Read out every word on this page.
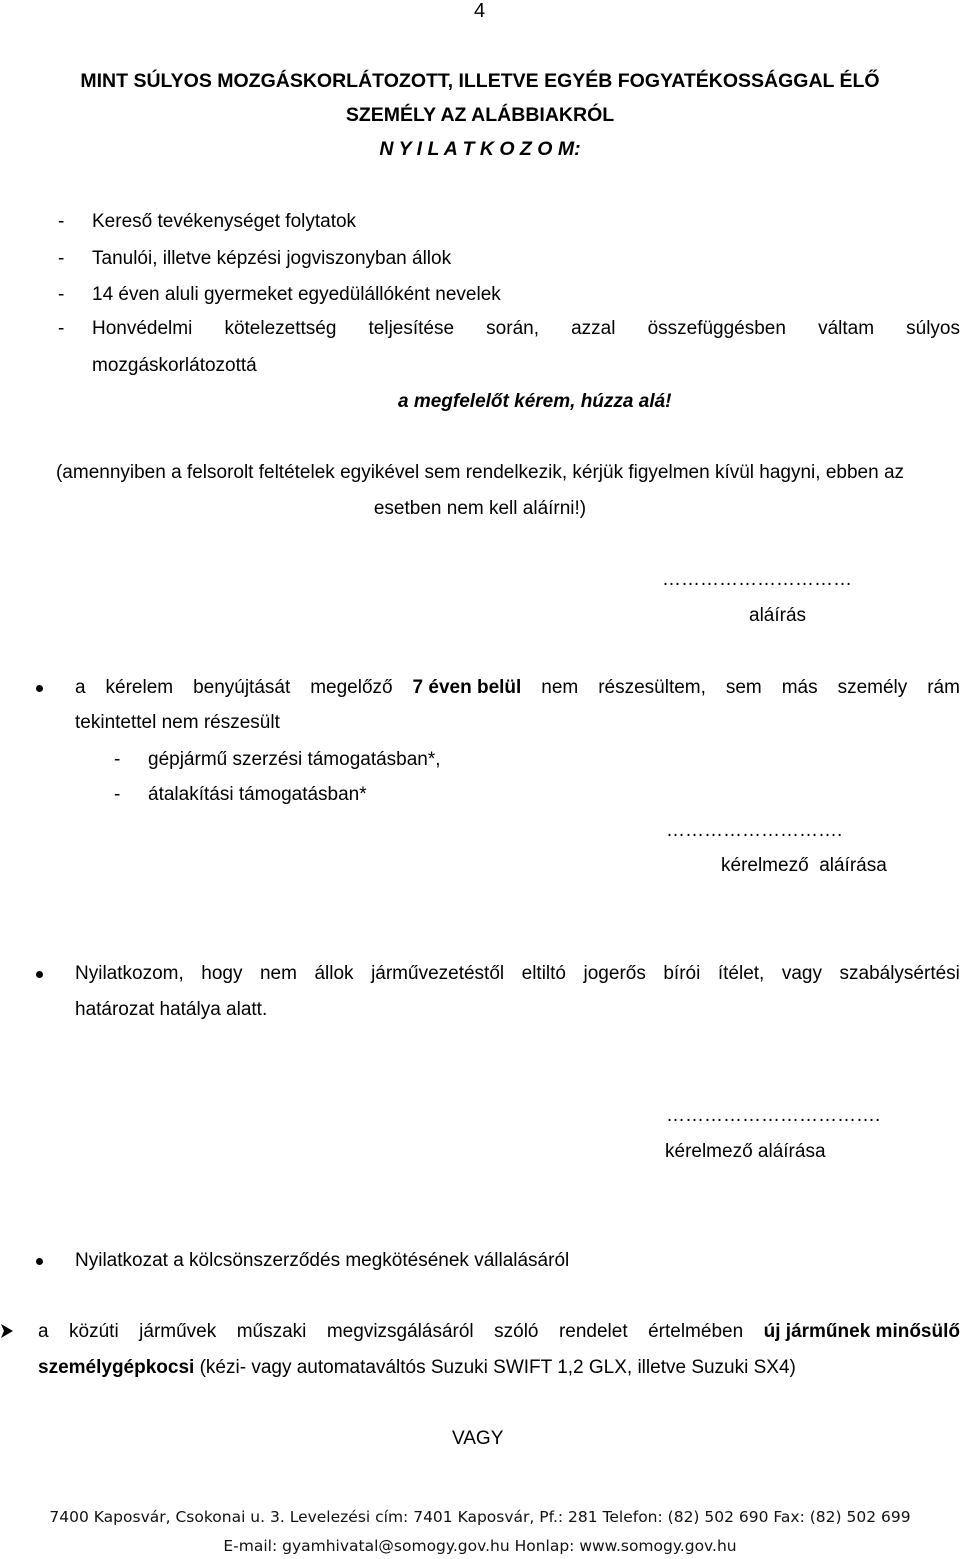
4
MINT SÚLYOS MOZGÁSKORLÁTOZOTT, ILLETVE EGYÉB FOGYATÉKOSSÁGGAL ÉLŐ
SZEMÉLY AZ ALÁBBIAKRÓL
N Y I L A T K O Z O M:
- Kereső tevékenységet folytatok
- Tanulói, illetve képzési jogviszonyban állok
- 14 éven aluli gyermeket egyedülállóként nevelek
- Honvédelmi kötelezettség teljesítése során, azzal összefüggésben váltam súlyos
mozgáskorlátozottá
a megfelelőt kérem, húzza alá!
(amennyiben a felsorolt feltételek egyikével sem rendelkezik, kérjük figyelmen kívül hagyni, ebben az
esetben nem kell aláírni!)
…………………………
aláírás
a kérelem benyújtását megelőző 7 éven belül nem részesültem, sem más személy rám
tekintettel nem részesült
- gépjármű szerzési támogatásban*,
- átalakítási támogatásban*
……………………….
kérelmező  aláírása
Nyilatkozom, hogy nem állok járművezetéstől eltiltó jogerős bírói ítélet, vagy szabálysértési
határozat hatálya alatt.
…………………………….
kérelmező aláírása
Nyilatkozat a kölcsönszerződés megkötésének vállalásáról
a közúti járművek műszaki megvizsgálásáról szóló rendelet értelmében új járműnek minősülő
személygépkocsi (kézi- vagy automataváltós Suzuki SWIFT 1,2 GLX, illetve Suzuki SX4)
VAGY
7400 Kaposvár, Csokonai u. 3. Levelezési cím: 7401 Kaposvár, Pf.: 281 Telefon: (82) 502 690 Fax: (82) 502 699
E-mail: gyamhivatal@somogy.gov.hu Honlap: www.somogy.gov.hu
